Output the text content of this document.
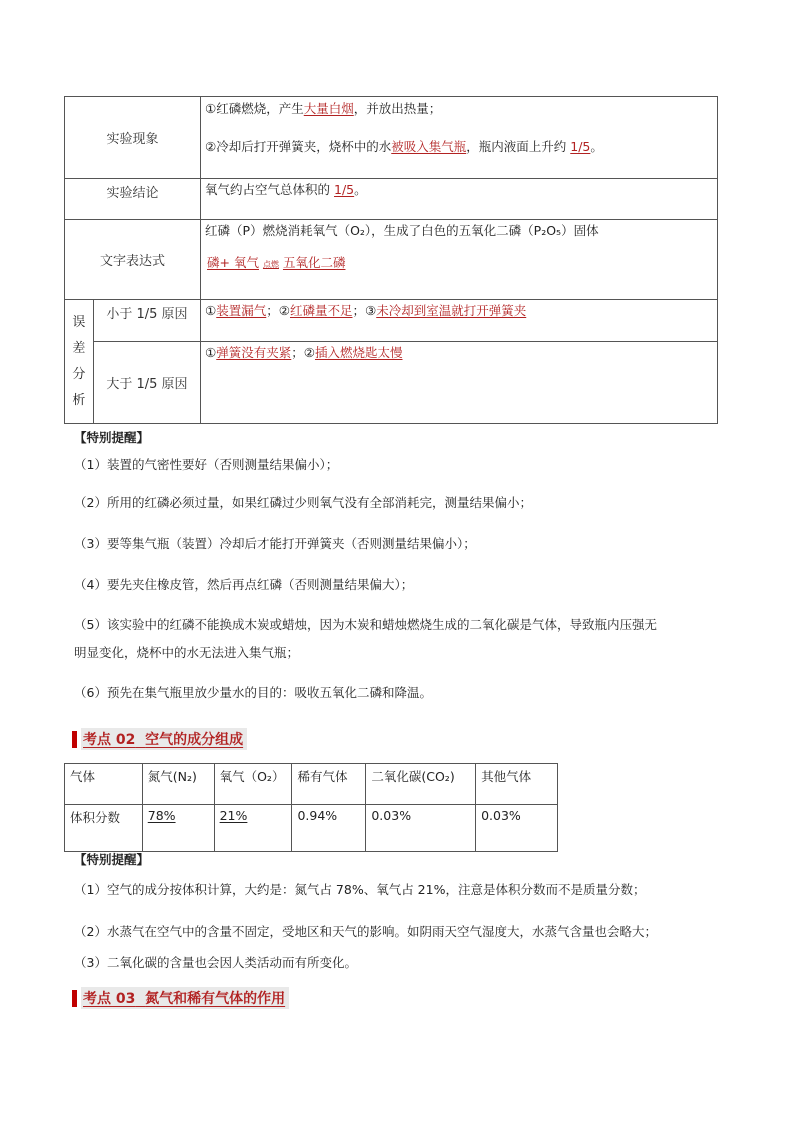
实验现象		①红磷燃烧，产生大量白烟，并放出热量；
②冷却后打开弹簧夹，烧杯中的水被吸入集气瓶，瓶内液面上升约 1/5。

实验结论		氧气约占空气总体积的 1/5。

文字表达式		红磷（P）燃烧消耗氧气（O₂），生成了白色的五氧化二磷（P₂O₅）固体
磷+ 氧气 点燃 五氧化二磷

误
差
分
析	小于 1/5 原因	①装置漏气；②红磷量不足；③未冷却到室温就打开弹簧夹

	大于 1/5 原因	①弹簧没有夹紧；②插入燃烧匙太慢
【特别提醒】
（1）装置的气密性要好（否则测量结果偏小）；
（2）所用的红磷必须过量，如果红磷过少则氧气没有全部消耗完，测量结果偏小；
（3）要等集气瓶（装置）冷却后才能打开弹簧夹（否则测量结果偏小）；
（4）要先夹住橡皮管，然后再点红磷（否则测量结果偏大）；
（5）该实验中的红磷不能换成木炭或蜡烛，因为木炭和蜡烛燃烧生成的二氧化碳是气体，导致瓶内压强无
明显变化，烧杯中的水无法进入集气瓶；
（6）预先在集气瓶里放少量水的目的：吸收五氧化二磷和降温。
考点 02 空气的成分组成
气体	氮气(N₂)	氧气（O₂）	稀有气体	二氧化碳(CO₂)	其他气体
体积分数	78%	21%	0.94%	0.03%	0.03%
【特别提醒】
（1）空气的成分按体积计算，大约是：氮气占 78%、氧气占 21%，注意是体积分数而不是质量分数；
（2）水蒸气在空气中的含量不固定，受地区和天气的影响。如阴雨天空气湿度大，水蒸气含量也会略大；
（3）二氧化碳的含量也会因人类活动而有所变化。
考点 03 氮气和稀有气体的作用
